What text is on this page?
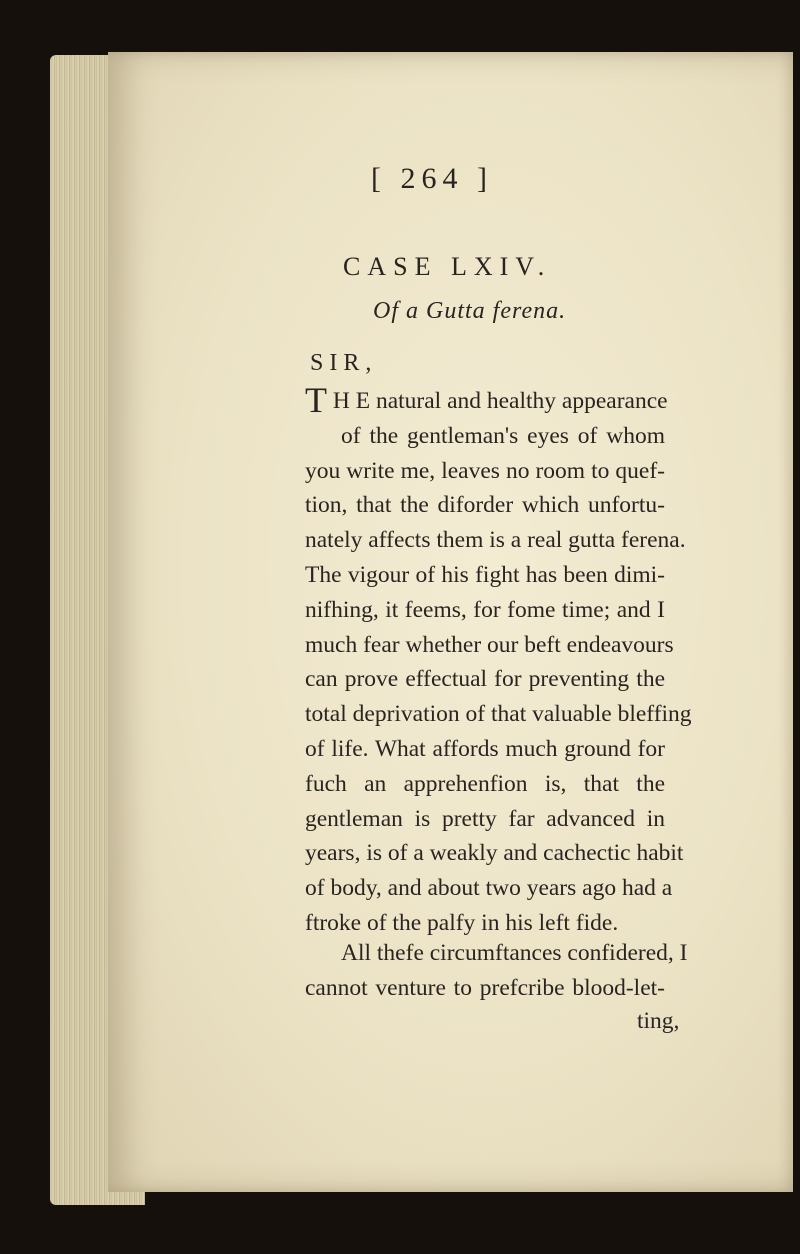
[ 264 ]
CASE LXIV.
Of a Gutta ferena.
SIR,
T H E natural and healthy appearance
of the gentleman's eyes of whom
you write me, leaves no room to quef-
tion, that the diforder which unfortu-
nately affects them is a real gutta ferena.
The vigour of his fight has been dimi-
nifhing, it feems, for fome time; and I
much fear whether our beft endeavours
can prove effectual for preventing the
total deprivation of that valuable bleffing
of life. What affords much ground for
fuch an apprehenfion is, that the
gentleman is pretty far advanced in
years, is of a weakly and cachectic habit
of body, and about two years ago had a
ftroke of the palfy in his left fide.
All thefe circumftances confidered, I
cannot venture to prefcribe blood-let-
ting,
